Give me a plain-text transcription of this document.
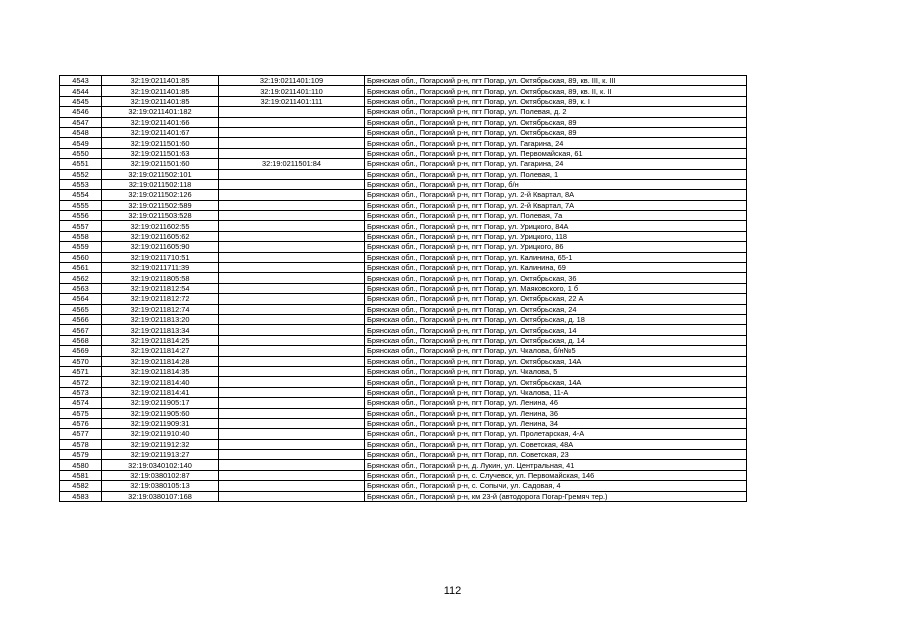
4543	32:19:0211401:85	32:19:0211401:109	Брянская обл., Погарский р-н, пгт Погар, ул. Октябрьская, 89, кв. III, к. III
4544	32:19:0211401:85	32:19:0211401:110	Брянская обл., Погарский р-н, пгт Погар, ул. Октябрьская, 89, кв. II, к. II
4545	32:19:0211401:85	32:19:0211401:111	Брянская обл., Погарский р-н, пгт Погар, ул. Октябрьская, 89, к. I
4546	32:19:0211401:182		Брянская обл., Погарский р-н, пгт Погар, ул. Полевая, д. 2
4547	32:19:0211401:66		Брянская обл., Погарский р-н, пгт Погар, ул. Октябрьская, 89
4548	32:19:0211401:67		Брянская обл., Погарский р-н, пгт Погар, ул. Октябрьская, 89
4549	32:19:0211501:60		Брянская обл., Погарский р-н, пгт Погар, ул. Гагарина, 24
4550	32:19:0211501:63		Брянская обл., Погарский р-н, пгт Погар, ул. Первомайская, 61
4551	32:19:0211501:60	32:19:0211501:84	Брянская обл., Погарский р-н, пгт Погар, ул. Гагарина, 24
4552	32:19:0211502:101		Брянская обл., Погарский р-н, пгт Погар, ул. Полевая, 1
4553	32:19:0211502:118		Брянская обл., Погарский р-н, пгт Погар, б/н
4554	32:19:0211502:126		Брянская обл., Погарский р-н, пгт Погар, ул. 2-й Квартал, 8А
4555	32:19:0211502:589		Брянская обл., Погарский р-н, пгт Погар, ул. 2-й Квартал, 7А
4556	32:19:0211503:528		Брянская обл., Погарский р-н, пгт Погар, ул. Полевая, 7а
4557	32:19:0211602:55		Брянская обл., Погарский р-н, пгт Погар, ул. Урицкого, 84А
4558	32:19:0211605:62		Брянская обл., Погарский р-н, пгт Погар, ул. Урицкого, 118
4559	32:19:0211605:90		Брянская обл., Погарский р-н, пгт Погар, ул. Урицкого, 86
4560	32:19:0211710:51		Брянская обл., Погарский р-н, пгт Погар, ул. Калинина, 65-1
4561	32:19:0211711:39		Брянская обл., Погарский р-н, пгт Погар, ул. Калинина, 69
4562	32:19:0211805:58		Брянская обл., Погарский р-н, пгт Погар, ул. Октябрьская, 36
4563	32:19:0211812:54		Брянская обл., Погарский р-н, пгт Погар, ул. Маяковского, 1 б
4564	32:19:0211812:72		Брянская обл., Погарский р-н, пгт Погар, ул. Октябрьская, 22 А
4565	32:19:0211812:74		Брянская обл., Погарский р-н, пгт Погар, ул. Октябрьская, 24
4566	32:19:0211813:20		Брянская обл., Погарский р-н, пгт Погар, ул. Октябрьская, д. 18
4567	32:19:0211813:34		Брянская обл., Погарский р-н, пгт Погар, ул. Октябрьская, 14
4568	32:19:0211814:25		Брянская обл., Погарский р-н, пгт Погар, ул. Октябрьская, д. 14
4569	32:19:0211814:27		Брянская обл., Погарский р-н, пгт Погар, ул. Чкалова, б/н№5
4570	32:19:0211814:28		Брянская обл., Погарский р-н, пгт Погар, ул. Октябрьская, 14А
4571	32:19:0211814:35		Брянская обл., Погарский р-н, пгт Погар, ул. Чкалова, 5
4572	32:19:0211814:40		Брянская обл., Погарский р-н, пгт Погар, ул. Октябрьская, 14А
4573	32:19:0211814:41		Брянская обл., Погарский р-н, пгт Погар, ул. Чкалова, 11-А
4574	32:19:0211905:17		Брянская обл., Погарский р-н, пгт Погар, ул. Ленина, 46
4575	32:19:0211905:60		Брянская обл., Погарский р-н, пгт Погар, ул. Ленина, 36
4576	32:19:0211909:31		Брянская обл., Погарский р-н, пгт Погар, ул. Ленина, 34
4577	32:19:0211910:40		Брянская обл., Погарский р-н, пгт Погар, ул. Пролетарская, 4-А
4578	32:19:0211912:32		Брянская обл., Погарский р-н, пгт Погар, ул. Советская, 48А
4579	32:19:0211913:27		Брянская обл., Погарский р-н, пгт Погар, пл. Советская, 23
4580	32:19:0340102:140		Брянская обл., Погарский р-н, д. Лукин, ул. Центральная, 41
4581	32:19:0380102:87		Брянская обл., Погарский р-н, с. Случевск, ул. Первомайская, 146
4582	32:19:0380105:13		Брянская обл., Погарский р-н, с. Сопычи, ул. Садовая, 4
4583	32:19:0380107:168		Брянская обл., Погарский р-н, км 23-й (автодорога Погар-Гремяч тер.)
112
